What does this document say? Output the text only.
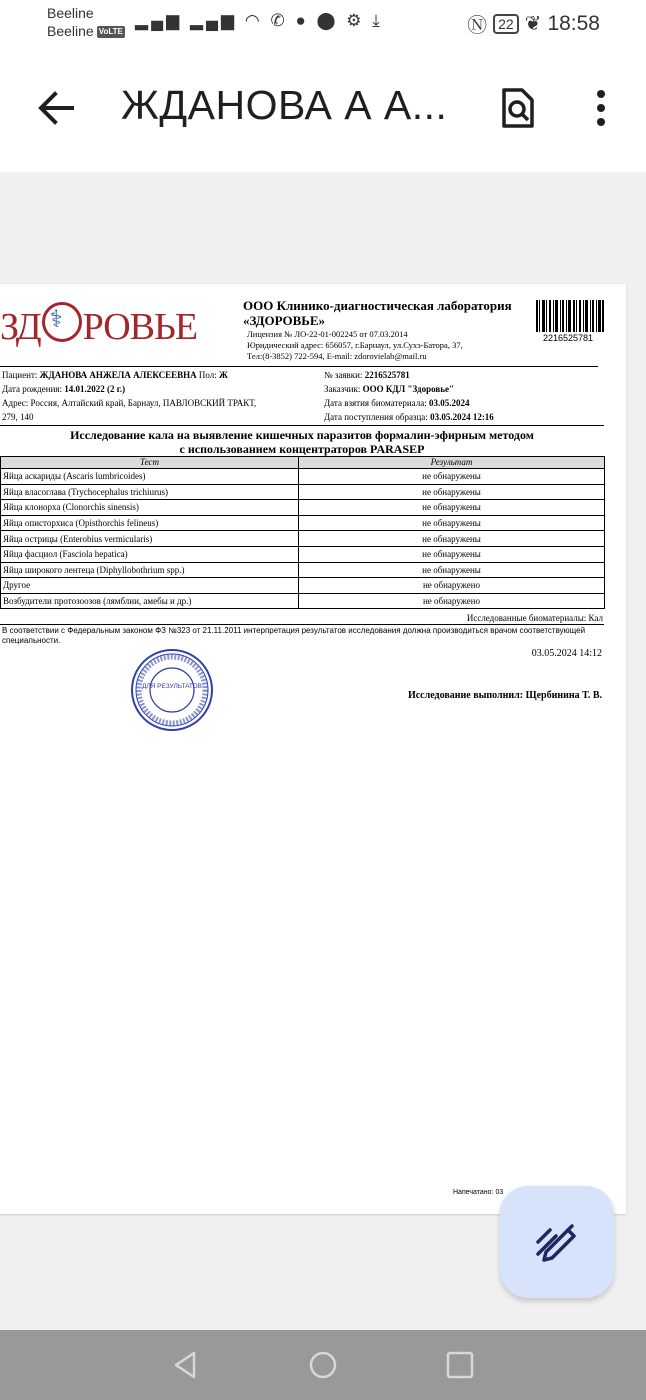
Beeline
Beeline VoLTE
▂▄▆ ▂▄▆ ◠ ✆ ● ⬤ ⚙ ⤓	Ⓝ 22 ❦ 18:58
ЖДАНОВА А А...
ЗД ⚕ РОВЬЕ
ООО Клинико-диагностическая лаборатория
«ЗДОРОВЬЕ»
Лицензия № ЛО-22-01-002245 от 07.03.2014
Юридический адрес: 656057, г.Барнаул, ул.Сухэ-Батора, 37,
Тел:(8-3852) 722-594, E-mail: zdorovielab@mail.ru
2216525781
Пациент: ЖДАНОВА АНЖЕЛА АЛЕКСЕЕВНА Пол: Ж
Дата рождения: 14.01.2022 (2 г.)
Адрес: Россия, Алтайский край, Барнаул, ПАВЛОВСКИЙ ТРАКТ,
279, 140
№ заявки: 2216525781
Заказчик: ООО КДЛ "Здоровье"
Дата взятия биоматериала: 03.05.2024
Дата поступления образца: 03.05.2024 12:16
Исследование кала на выявление кишечных паразитов формалин-эфирным методом
с использованием концентраторов PARASEP
Тест	Результат
Яйца аскариды (Ascaris lumbricoides)	не обнаружены
Яйца власоглава (Trychocephalus trichiurus)	не обнаружены
Яйца клонорха (Clonorchis sinensis)	не обнаружены
Яйца описторхиса (Opisthorchis felineus)	не обнаружены
Яйца острицы (Enterobius vermicularis)	не обнаружены
Яйца фасциол (Fasciola hepatica)	не обнаружены
Яйца широкого лентеца (Diphyllobothrium spp.)	не обнаружены
Другое	не обнаружено
Возбудители протозоозов (лямблии, амебы и др.)	не обнаружено
Исследованные биоматериалы: Кал
В соответствии с Федеральным законом ФЗ №323 от 21.11.2011 интерпретация результатов исследования должна производиться врачом соответствующей специальности.
03.05.2024 14:12
ДЛЯ РЕЗУЛЬТАТОВ
Исследование выполнил: Щербинина Т. В.
Напечатано: 03
